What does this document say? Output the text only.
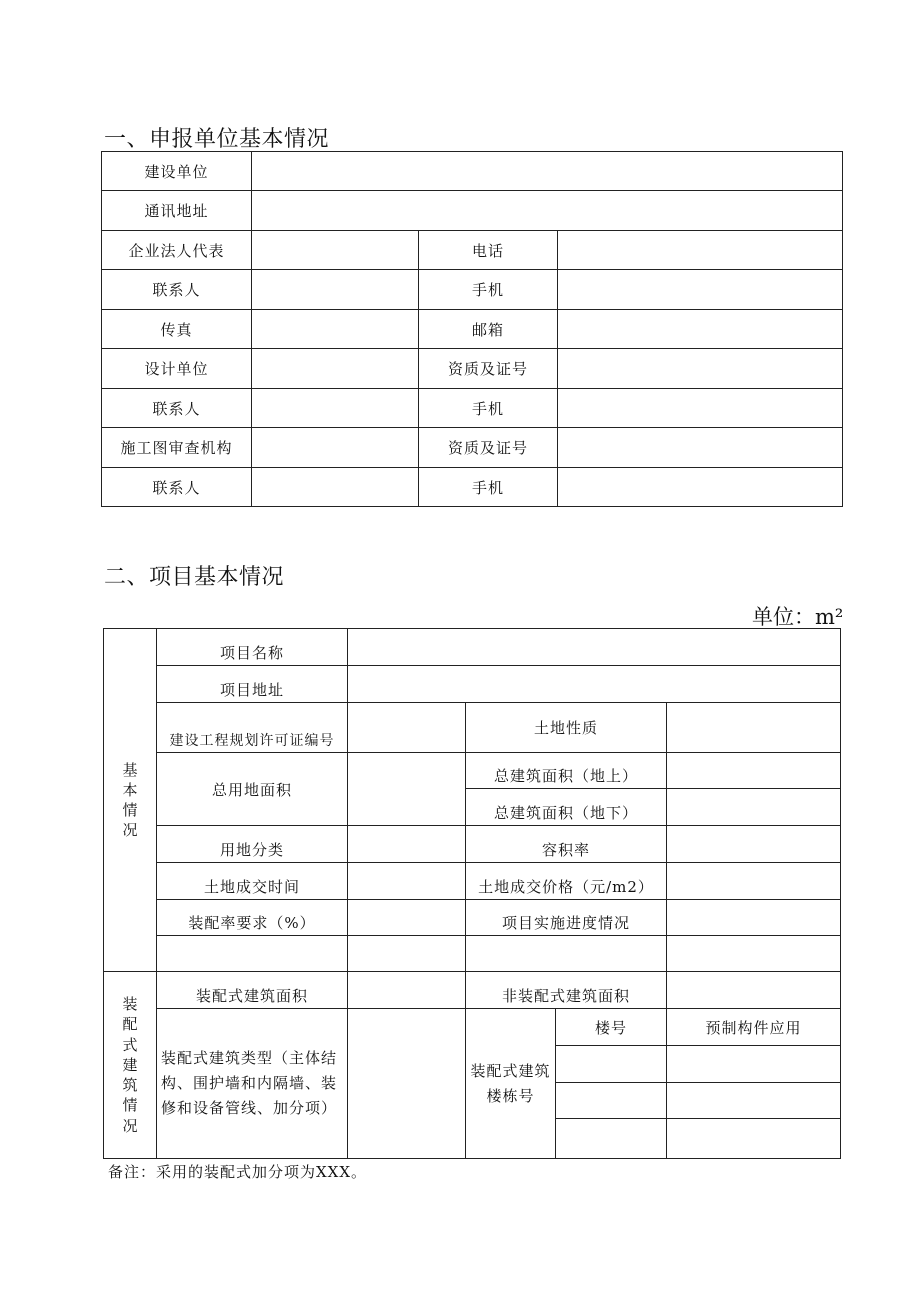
一、申报单位基本情况
建设单位			
通讯地址			
企业法人代表		电话	
联系人		手机	
传真		邮箱	
设计单位		资质及证号	
联系人		手机	
施工图审查机构		资质及证号	
联系人		手机	
二、项目基本情况
单位：m²
基本情况	项目名称				
	项目地址				
	建设工程规划许可证编号		土地性质		
	总用地面积		总建筑面积（地上）		
			总建筑面积（地下）		
	用地分类		容积率		
	土地成交时间		土地成交价格（元/m2）		
	装配率要求（%）		项目实施进度情况		

装配式建筑情况	装配式建筑面积		非装配式建筑面积		
	装配式建筑类型（主体结构、围护墙和内隔墙、装修和设备管线、加分项）		装配式建筑楼栋号	楼号	预制构件应用

备注：采用的装配式加分项为XXX。
